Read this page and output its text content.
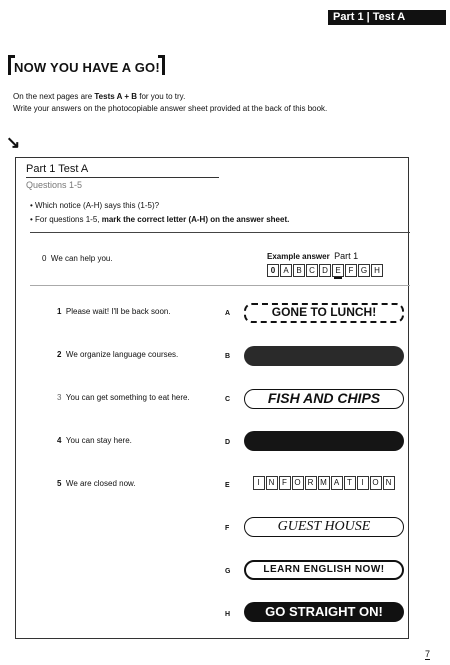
Part 1 | Test A
NOW YOU HAVE A GO!
On the next pages are Tests A + B for you to try.
Write your answers on the photocopiable answer sheet provided at the back of this book.
↘
Part 1 Test A
Questions 1-5
• Which notice (A-H) says this (1-5)?
• For questions 1-5, mark the correct letter (A-H) on the answer sheet.
0 We can help you.	Example answer Part 1
0	A B C D E F G H
1 Please wait! I'll be back soon.
2 We organize language courses.
3 You can get something to eat here.
4 You can stay here.
5 We are closed now.
A	GONE TO LUNCH!
B
C	FISH AND CHIPS
D
E	I	N F O R M A T	I	O N
F	GUEST HOUSE
G	LEARN ENGLISH NOW!
H	GO STRAIGHT ON!
7
